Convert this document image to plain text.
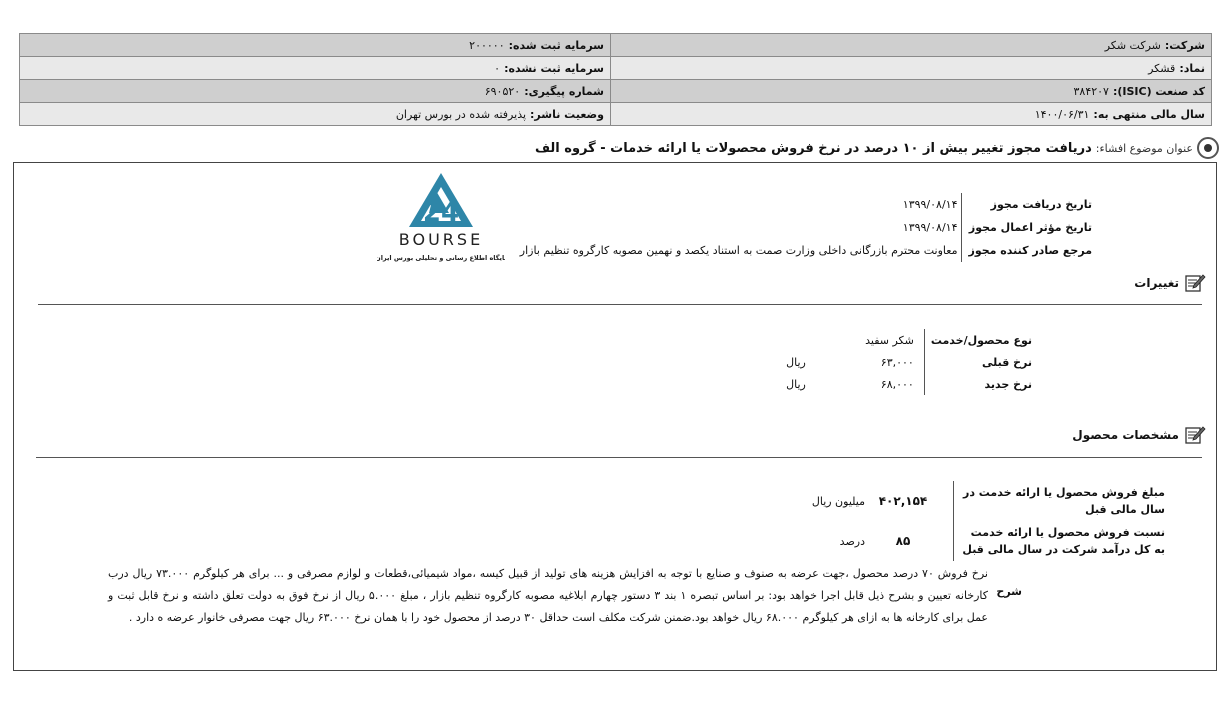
شرکت:شرکت شکر	سرمایه ثبت شده:۲۰۰۰۰۰
نماد:قشکر	سرمایه ثبت نشده:۰
کد صنعت (ISIC):۳۸۴۲۰۷	شماره پیگیری:۶۹۰۵۲۰
سال مالی منتهی به:۱۴۰۰/۰۶/۳۱	وضعیت ناشر:پذیرفته شده در بورس تهران
عنوان موضوع افشاء:
دریافت مجوز تغییر بیش از ۱۰ درصد در نرخ فروش محصولات یا ارائه خدمات - گروه الف
24
BOURSE
پایگاه اطلاع رسانی و تحلیلی بورس ایران
تاریخ دریافت مجوز	۱۳۹۹/۰۸/۱۴
تاریخ مؤثر اعمال مجوز	۱۳۹۹/۰۸/۱۴
مرجع صادر کننده مجوز	معاونت محترم بازرگانی داخلی وزارت صمت به استناد یکصد و نهمین مصوبه کارگروه تنظیم بازار
تغییرات
نوع محصول/خدمت	شکر سفید	
نرخ قبلی	۶۳,۰۰۰	ریال
نرخ جدید	۶۸,۰۰۰	ریال
مشخصات محصول
مبلغ فروش محصول یا ارائه خدمت در سال مالی قبل	۴۰۲,۱۵۴	میلیون ریال
نسبت فروش محصول یا ارائه خدمت به کل درآمد شرکت در سال مالی قبل	۸۵	درصد
شرح
نرخ فروش ۷۰ درصد محصول ،جهت عرضه به صنوف و صنایع با توجه به افزایش هزینه های تولید از قبیل کیسه ،مواد شیمیائی،قطعات و لوازم مصرفی و ... برای هر کیلوگرم ۷۳.۰۰۰ ریال درب کارخانه تعیین و بشرح ذیل قابل اجرا خواهد بود: بر اساس تبصره ۱ بند ۳ دستور چهارم ابلاغیه مصوبه کارگروه تنظیم بازار ، مبلغ ۵.۰۰۰ ریال از نرخ فوق به دولت تعلق داشته و نرخ قابل ثبت و عمل برای کارخانه ها به ازای هر کیلوگرم ۶۸.۰۰۰ ریال خواهد بود.ضمنن شرکت مکلف است حداقل ۳۰ درصد از محصول خود را با همان نرخ ۶۳.۰۰۰ ریال جهت مصرفی خانوار عرضه ه دارد .
